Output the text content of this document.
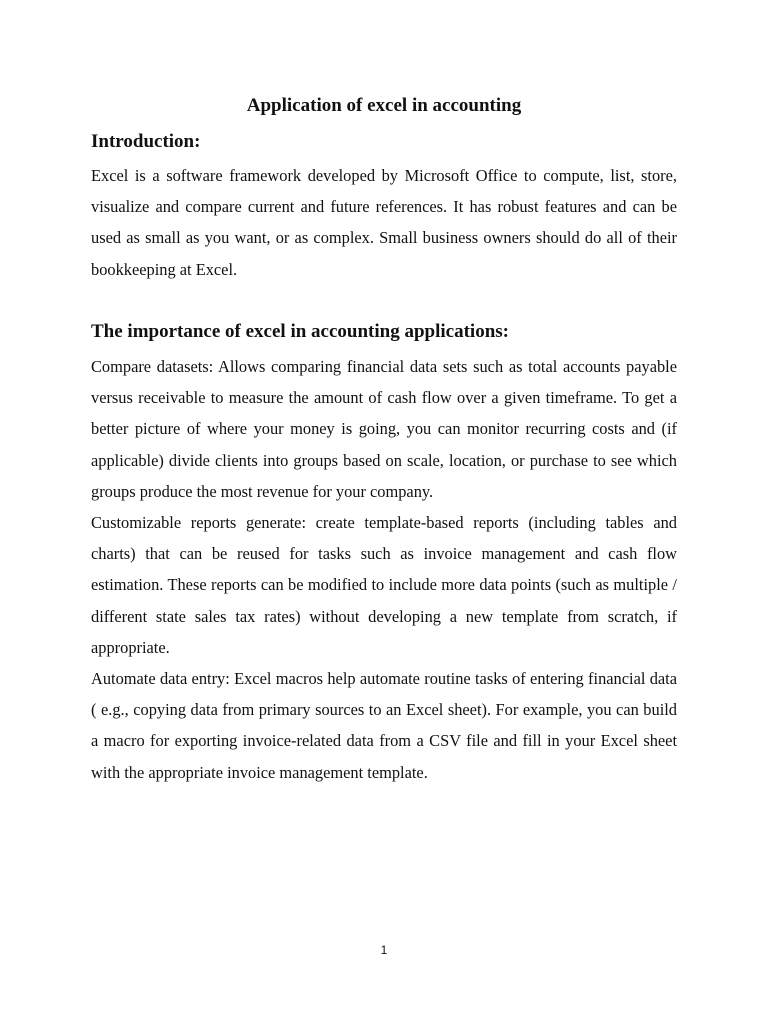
Application of excel in accounting
Introduction:

Excel is a software framework developed by Microsoft Office to compute, list, store, visualize and compare current and future references. It has robust features and can be used as small as you want, or as complex. Small business owners should do all of their bookkeeping at Excel.

The importance of excel in accounting applications:

Compare datasets: Allows comparing financial data sets such as total accounts payable versus receivable to measure the amount of cash flow over a given timeframe. To get a better picture of where your money is going, you can monitor recurring costs and (if applicable) divide clients into groups based on scale, location, or purchase to see which groups produce the most revenue for your company.

Customizable reports generate: create template-based reports (including tables and charts) that can be reused for tasks such as invoice management and cash flow estimation. These reports can be modified to include more data points (such as multiple / different state sales tax rates) without developing a new template from scratch, if appropriate.

Automate data entry: Excel macros help automate routine tasks of entering financial data ( e.g., copying data from primary sources to an Excel sheet). For example, you can build a macro for exporting invoice-related data from a CSV file and fill in your Excel sheet with the appropriate invoice management template.

1
